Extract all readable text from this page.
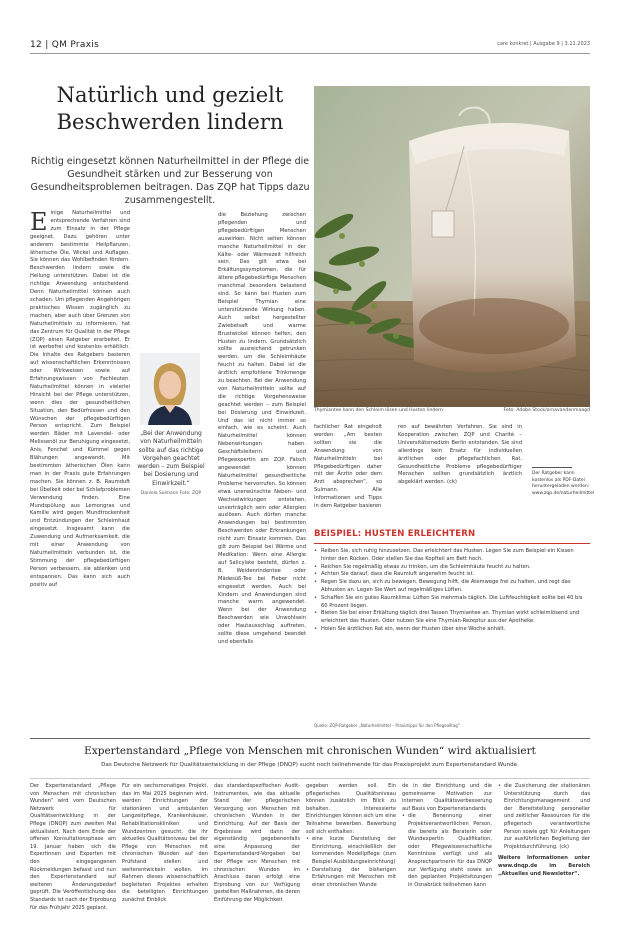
12 | QM Praxis	care konkret | Ausgabe 9 | 3.11.2023
Natürlich und gezielt
Beschwerden lindern

Richtig eingesetzt können Naturheilmittel in der Pflege die Gesundheit stärken und zur Besserung von Gesundheitsproblemen beitragen. Das ZQP hat Tipps dazu zusammengestellt.

Thymiantee kann den Schleim lösen und Husten lindern.	Foto: Adobe Stock/ornavandenmaagd
Einige Naturheilmittel und entsprechende Verfahren sind zum Einsatz in der Pflege geeignet. Dazu gehören unter anderem bestimmte Heilpflanzen, ätherische Öle, Wickel und Auflagen. Sie können das Wohlbefinden fördern. Beschwerden lindern sowie die Heilung unterstützen. Dabei ist die richtige Anwendung entscheidend. Denn Naturheilmittel können auch schaden. Um pflegenden Angehörigen praktisches Wissen zugänglich zu machen, aber auch über Grenzen von Naturheilmitteln zu informieren, hat das Zentrum für Qualität in der Pflege (ZQP) einen Ratgeber erarbeitet. Er ist werbefrei und kostenlos erhältlich. Die Inhalte des Ratgebers basieren auf wissenschaftlichen Erkenntnissen oder Wirkweisen sowie auf Erfahrungswissen von Fachleuten. Naturheilmittel können in vielerlei Hinsicht bei der Pflege unterstützen, wenn dies der gesundheitlichen Situation, den Bedürfnissen und den Wünschen der pflegebedürftigen Person entspricht. Zum Beispiel werden Bäder mit Lavendel- oder Melissenöl zur Beruhigung eingesetzt, Anis, Fenchel und Kümmel gegen Blähungen angewandt. Mit bestimmten ätherischen Ölen kann man in der Praxis gute Erfahrungen machen. Sie können z. B. Raumduft bei Übelkeit oder bei Schlafproblemen Verwendung finden. Eine Mundspülung aus Lemongras und Kamille wird gegen Mundtrockenheit und Entzündungen der Schleimhaut eingesetzt. Insgesamt kann die Zuwendung und Aufmerksamkeit, die mit einer Anwendung von Naturheilmitteln verbunden ist, die Stimmung der pflegebedürftigen Person verbessern, sie ablenken und entspannen. Das kann sich auch positiv auf
„Bei der Anwendung von Naturheilmitteln sollte auf das richtige Vorgehen geachtet werden – zum Beispiel bei Dosierung und Einwirkzeit.“
Daniela Sulmann Foto: ZQP
die Beziehung zwischen pflegenden und pflegebedürftigen Menschen auswirken. Nicht selten können manche Naturheilmittel in der Kälte- oder Wärmezeit hilfreich sein. Das gilt etwa bei Erkältungssymptomen, die für ältere pflegebedürftige Menschen manchmal besonders belastend sind. So kann bei Husten zum Beispiel Thymian eine unterstützende Wirkung haben. Auch selbst hergestellter Zwiebelsaft und warme Brustwickel können helfen, den Husten zu lindern. Grundsätzlich sollte ausreichend getrunken werden, um die Schleimhäute feucht zu halten. Dabei ist die ärztlich empfohlene Trinkmenge zu beachten. Bei der Anwendung von Naturheilmitteln sollte auf die richtige Vorgehensweise geachtet werden – zum Beispiel bei Dosierung und Einwirkzeit. Und das ist nicht immer so einfach, wie es scheint. Auch Naturheilmittel können Nebenwirkungen haben. Geschäftsleiterin und Pflegeexpertin am ZQP. Falsch angewendet können Naturheilmittel gesundheitliche Probleme hervorrufen. So können etwa unerwünschte Neben- und Wechselwirkungen entstehen, unverträglich sein oder Allergien auslösen. Auch dürfen manche Anwendungen bei bestimmten Beschwerden oder Erkrankungen nicht zum Einsatz kommen. Das gilt zum Beispiel bei Wärme und Medikation: Wenn eine Allergie auf Salicylate besteht, dürfen z. B. Weidenrindentee oder Mädesüß-Tee bei Fieber nicht eingesetzt werden. Auch bei Kindern und Anwendungen sind manche warm angewendet. Wenn bei der Anwendung Beschwerden wie Unwohlsein oder Hautausschlag auftreten, sollte diese umgehend beendet und ebenfalls
fachlicher Rat eingeholt werden. „Am besten sollten sie die Anwendung von Naturheilmitteln bei Pflegebedürftigen daher mit der Ärztin oder dem Arzt absprechen“, so Sulmann. Alle Informationen und Tipps in dem Ratgeber basieren
ren auf bewährten Verfahren. Sie sind in Kooperation zwischen ZQP und Charité – Universitätsmedizin Berlin entstanden. Sie sind allerdings kein Ersatz für individuellen ärztlichen oder pflegefachlichen Rat. Gesundheitliche Probleme pflegebedürftiger Menschen sollten grundsätzlich ärztlich abgeklärt werden. (ck)
Der Ratgeber kann kostenlos als PDF-Datei heruntergeladen werden: www.zqp.de/naturheilmittel
BEISPIEL: HUSTEN ERLEICHTERN
• Reiben Sie, sich ruhig hinzusetzen. Das erleichtert das Husten. Legen Sie zum Beispiel ein Kissen hinter den Rücken. Oder stellen Sie das Kopfteil am Bett hoch.
• Reichen Sie regelmäßig etwas zu trinken, um die Schleimhäute feucht zu halten.
• Achten Sie darauf, dass die Raumluft angenehm feucht ist.
• Regen Sie dazu an, sich zu bewegen. Bewegung hilft, die Atemwege frei zu halten, und regt das Abhusten an. Legen Sie Wert auf regelmäßiges Lüften.
• Schaffen Sie ein gutes Raumklima: Lüften Sie mehrmals täglich. Die Luftfeuchtigkeit sollte bei 40 bis 60 Prozent liegen.
• Bieten Sie bei einer Erkältung täglich drei Tassen Thymiantee an. Thymian wirkt schleimlösend und erleichtert das Husten. Oder nutzen Sie eine Thymian-Rezeptur aus der Apotheke.
• Holen Sie ärztlichen Rat ein, wenn der Husten über eine Woche anhält.
Quelle: ZQP-Ratgeber „Naturheilmittel – Praxistipps für den Pflegealltag“
Expertenstandard „Pflege von Menschen mit chronischen Wunden“ wird aktualisiert
Das Deutsche Netzwerk für Qualitätsentwicklung in der Pflege (DNQP) sucht noch teilnehmende für das Praxisprojekt zum Expertenstandard Wunde.
Der Expertenstandard „Pflege von Menschen mit chronischen Wunden“ wird vom Deutschen Netzwerk für Qualitätsentwicklung in der Pflege (DNQP) zum zweiten Mal aktualisiert. Nach dem Ende der offenen Konsultationsphase am 19. Januar haben sich die Expertinnen und Experten mit den eingegangenen Rückmeldungen befasst und nun den Expertenstandard auf weiteren Änderungsbedarf geprüft. Die Veröffentlichung des Standards ist nach der Erprobung für das Frühjahr 2025 geplant.
Für ein sechsmonatiges Projekt, das im Mai 2025 beginnen wird, werden Einrichtungen der stationären und ambulanten Langzeitpflege, Krankenhäuser, Rehabilitationskliniken und Wundzentren gesucht, die ihr aktuelles Qualitätsniveau bei der Pflege von Menschen mit chronischen Wunden auf den Prüfstand stellen und weiterentwickeln wollen. Im Rahmen dieses wissenschaftlich begleiteten Projektes erhalten die beteiligten Einrichtungen zunächst Einblick
das standardspezifischen Audit-Instrumentes, wie das aktuelle Stand der pflegerischen Versorgung von Menschen mit chronischen Wunden in der Einrichtung. Auf der Basis der Ergebnisse wird dann der eigenständig gegebenenfalls eine Anpassung der Expertenstandard-Vorgaben bei der Pflege von Menschen mit chronischen Wunden im Anschluss daran erfolgt eine Erprobung von zur Verfügung gestellten Maßnahmen, die deren Einführung der Möglichkeit
gegeben werden soll. Ein pflegerisches Qualitätsniveau können zusätzlich im Blick zu behalten. Interessierte Einrichtungen können sich um eine Teilnahme bewerben. Bewerbung soll sich enthalten:
• eine kurze Darstellung der Einrichtung, einschließlich der kommenden Modellpflege (zum Beispiel Ausbildungseinrichtung)
• Darstellung der bisherigen Erfahrungen mit Menschen mit einer chronischen Wunde
de in der Einrichtung und die gemeinsame Motivation zur internen Qualitätsverbesserung auf Basis von Expertenstandards
• die Benennung einer Projektverantwortlichen Person, die bereits als Beraterin oder Wundexpertin Qualifikation, oder Pflegewissenschaftliche Kenntnisse verfügt und als Ansprechpartnerin für das DNQP zur Verfügung steht sowie an den geplanten Projektsitzungen in Osnabrück teilnehmen kann
• die Zusicherung der stationären Unterstützung durch das Einrichtungsmanagement und der Bereitstellung personeller und zeitlicher Ressourcen für die pflegerisch verantwortliche Person sowie ggf. für Anleitungen zur ausführlichen Begleitung der Projektdurchführung. (ck)
Weitere Informationen unter www.dnqp.de im Bereich „Aktuelles und Newsletter“.
